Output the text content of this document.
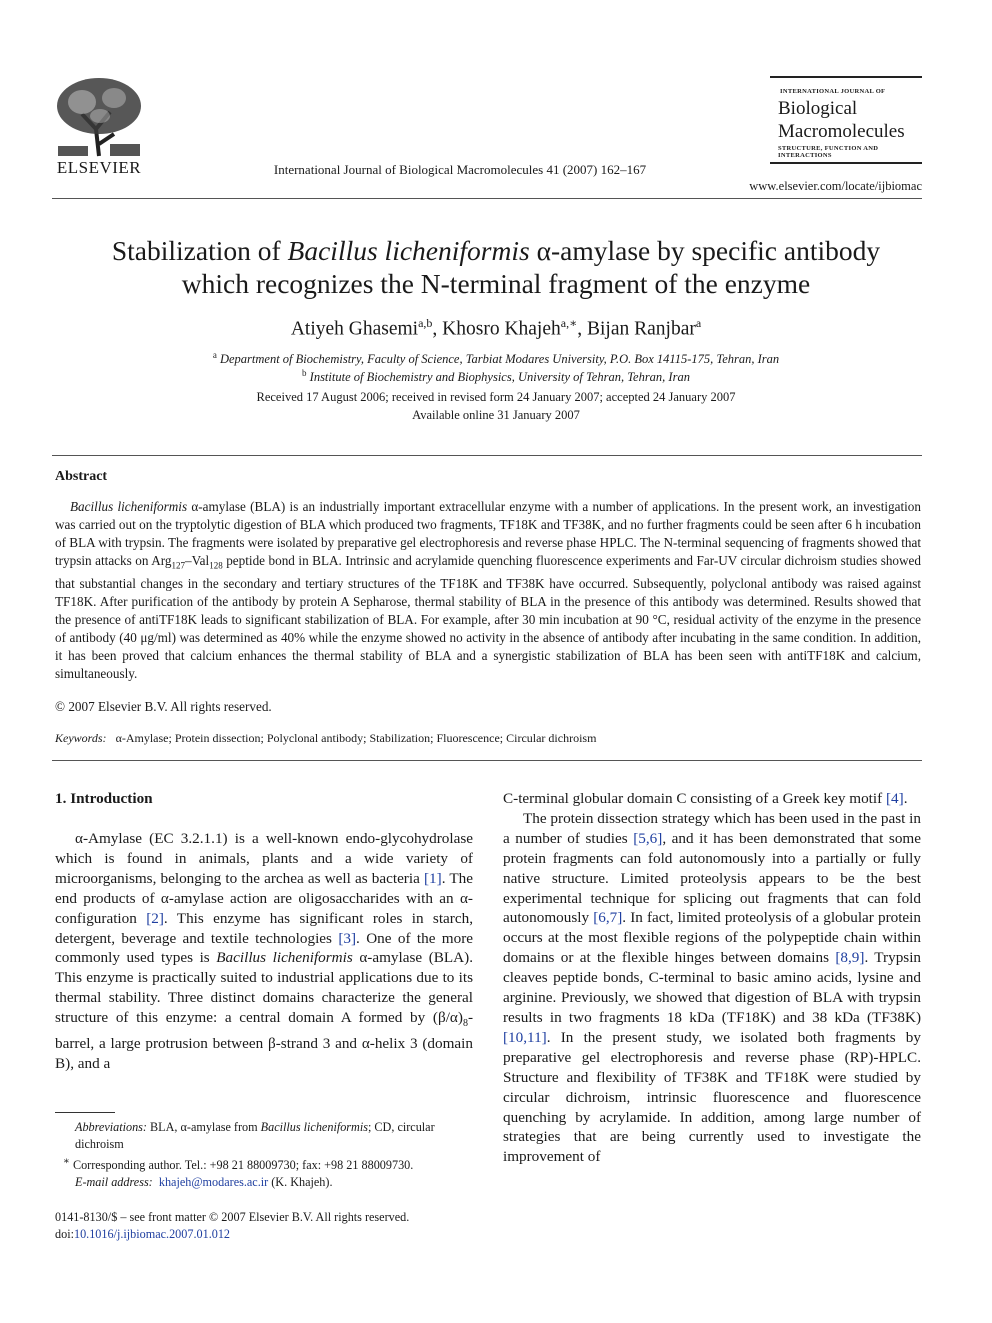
ELSEVIER	International Journal of Biological Macromolecules 41 (2007) 162–167
INTERNATIONAL JOURNAL OF
Biological
Macromolecules
STRUCTURE, FUNCTION AND INTERACTIONS
www.elsevier.com/locate/ijbiomac
Stabilization of Bacillus licheniformis α-amylase by specific antibody
which recognizes the N-terminal fragment of the enzyme
Atiyeh Ghasemi$^{a,b}$, Khosro Khajeh$^{a,∗}$, Bijan Ranjbar$^a$
$^a$ Department of Biochemistry, Faculty of Science, Tarbiat Modares University, P.O. Box 14115-175, Tehran, Iran
$^b$ Institute of Biochemistry and Biophysics, University of Tehran, Tehran, Iran
Received 17 August 2006; received in revised form 24 January 2007; accepted 24 January 2007
Available online 31 January 2007
Abstract

Bacillus licheniformis α-amylase (BLA) is an industrially important extracellular enzyme with a number of applications. In the present work, an investigation was carried out on the tryptolytic digestion of BLA which produced two fragments, TF18K and TF38K, and no further fragments could be seen after 6 h incubation of BLA with trypsin. The fragments were isolated by preparative gel electrophoresis and reverse phase HPLC. The N-terminal sequencing of fragments showed that trypsin attacks on Arg$_{127}$–Val$_{128}$ peptide bond in BLA. Intrinsic and acrylamide quenching fluorescence experiments and Far-UV circular dichroism studies showed that substantial changes in the secondary and tertiary structures of the TF18K and TF38K have occurred. Subsequently, polyclonal antibody was raised against TF18K. After purification of the antibody by protein A Sepharose, thermal stability of BLA in the presence of this antibody was determined. Results showed that the presence of antiTF18K leads to significant stabilization of BLA. For example, after 30 min incubation at 90 °C, residual activity of the enzyme in the presence of antibody (40 μg/ml) was determined as 40% while the enzyme showed no activity in the absence of antibody after incubating in the same condition. In addition, it has been proved that calcium enhances the thermal stability of BLA and a synergistic stabilization of BLA has been seen with antiTF18K and calcium, simultaneously.

© 2007 Elsevier B.V. All rights reserved.
Keywords: α-Amylase; Protein dissection; Polyclonal antibody; Stabilization; Fluorescence; Circular dichroism
1. Introduction

α-Amylase (EC 3.2.1.1) is a well-known endo-glycohydrolase which is found in animals, plants and a wide variety of microorganisms, belonging to the archea as well as bacteria [1]. The end products of α-amylase action are oligosaccharides with an α-configuration [2]. This enzyme has significant roles in starch, detergent, beverage and textile technologies [3]. One of the more commonly used types is Bacillus licheniformis α-amylase (BLA). This enzyme is practically suited to industrial applications due to its thermal stability. Three distinct domains characterize the general structure of this enzyme: a central domain A formed by $(\beta/\alpha)_8$-barrel, a large protrusion between β-strand 3 and α-helix 3 (domain B), and a

C-terminal globular domain C consisting of a Greek key motif [4].

The protein dissection strategy which has been used in the past in a number of studies [5,6], and it has been demonstrated that some protein fragments can fold autonomously into a partially or fully native structure. Limited proteolysis appears to be the best experimental technique for splicing out fragments that can fold autonomously [6,7]. In fact, limited proteolysis of a globular protein occurs at the most flexible regions of the polypeptide chain within domains or at the flexible hinges between domains [8,9]. Trypsin cleaves peptide bonds, C-terminal to basic amino acids, lysine and arginine. Previously, we showed that digestion of BLA with trypsin results in two fragments 18 kDa (TF18K) and 38 kDa (TF38K) [10,11]. In the present study, we isolated both fragments by preparative gel electrophoresis and reverse phase (RP)-HPLC. Structure and flexibility of TF38K and TF18K were studied by circular dichroism, intrinsic fluorescence and fluorescence quenching by acrylamide. In addition, among large number of strategies that are being currently used to investigate the improvement of

Abbreviations: BLA, α-amylase from Bacillus licheniformis; CD, circular dichroism
∗ Corresponding author. Tel.: +98 21 88009730; fax: +98 21 88009730.
E-mail address: khajeh@modares.ac.ir (K. Khajeh).
0141-8130/$ – see front matter © 2007 Elsevier B.V. All rights reserved.
doi:10.1016/j.ijbiomac.2007.01.012
